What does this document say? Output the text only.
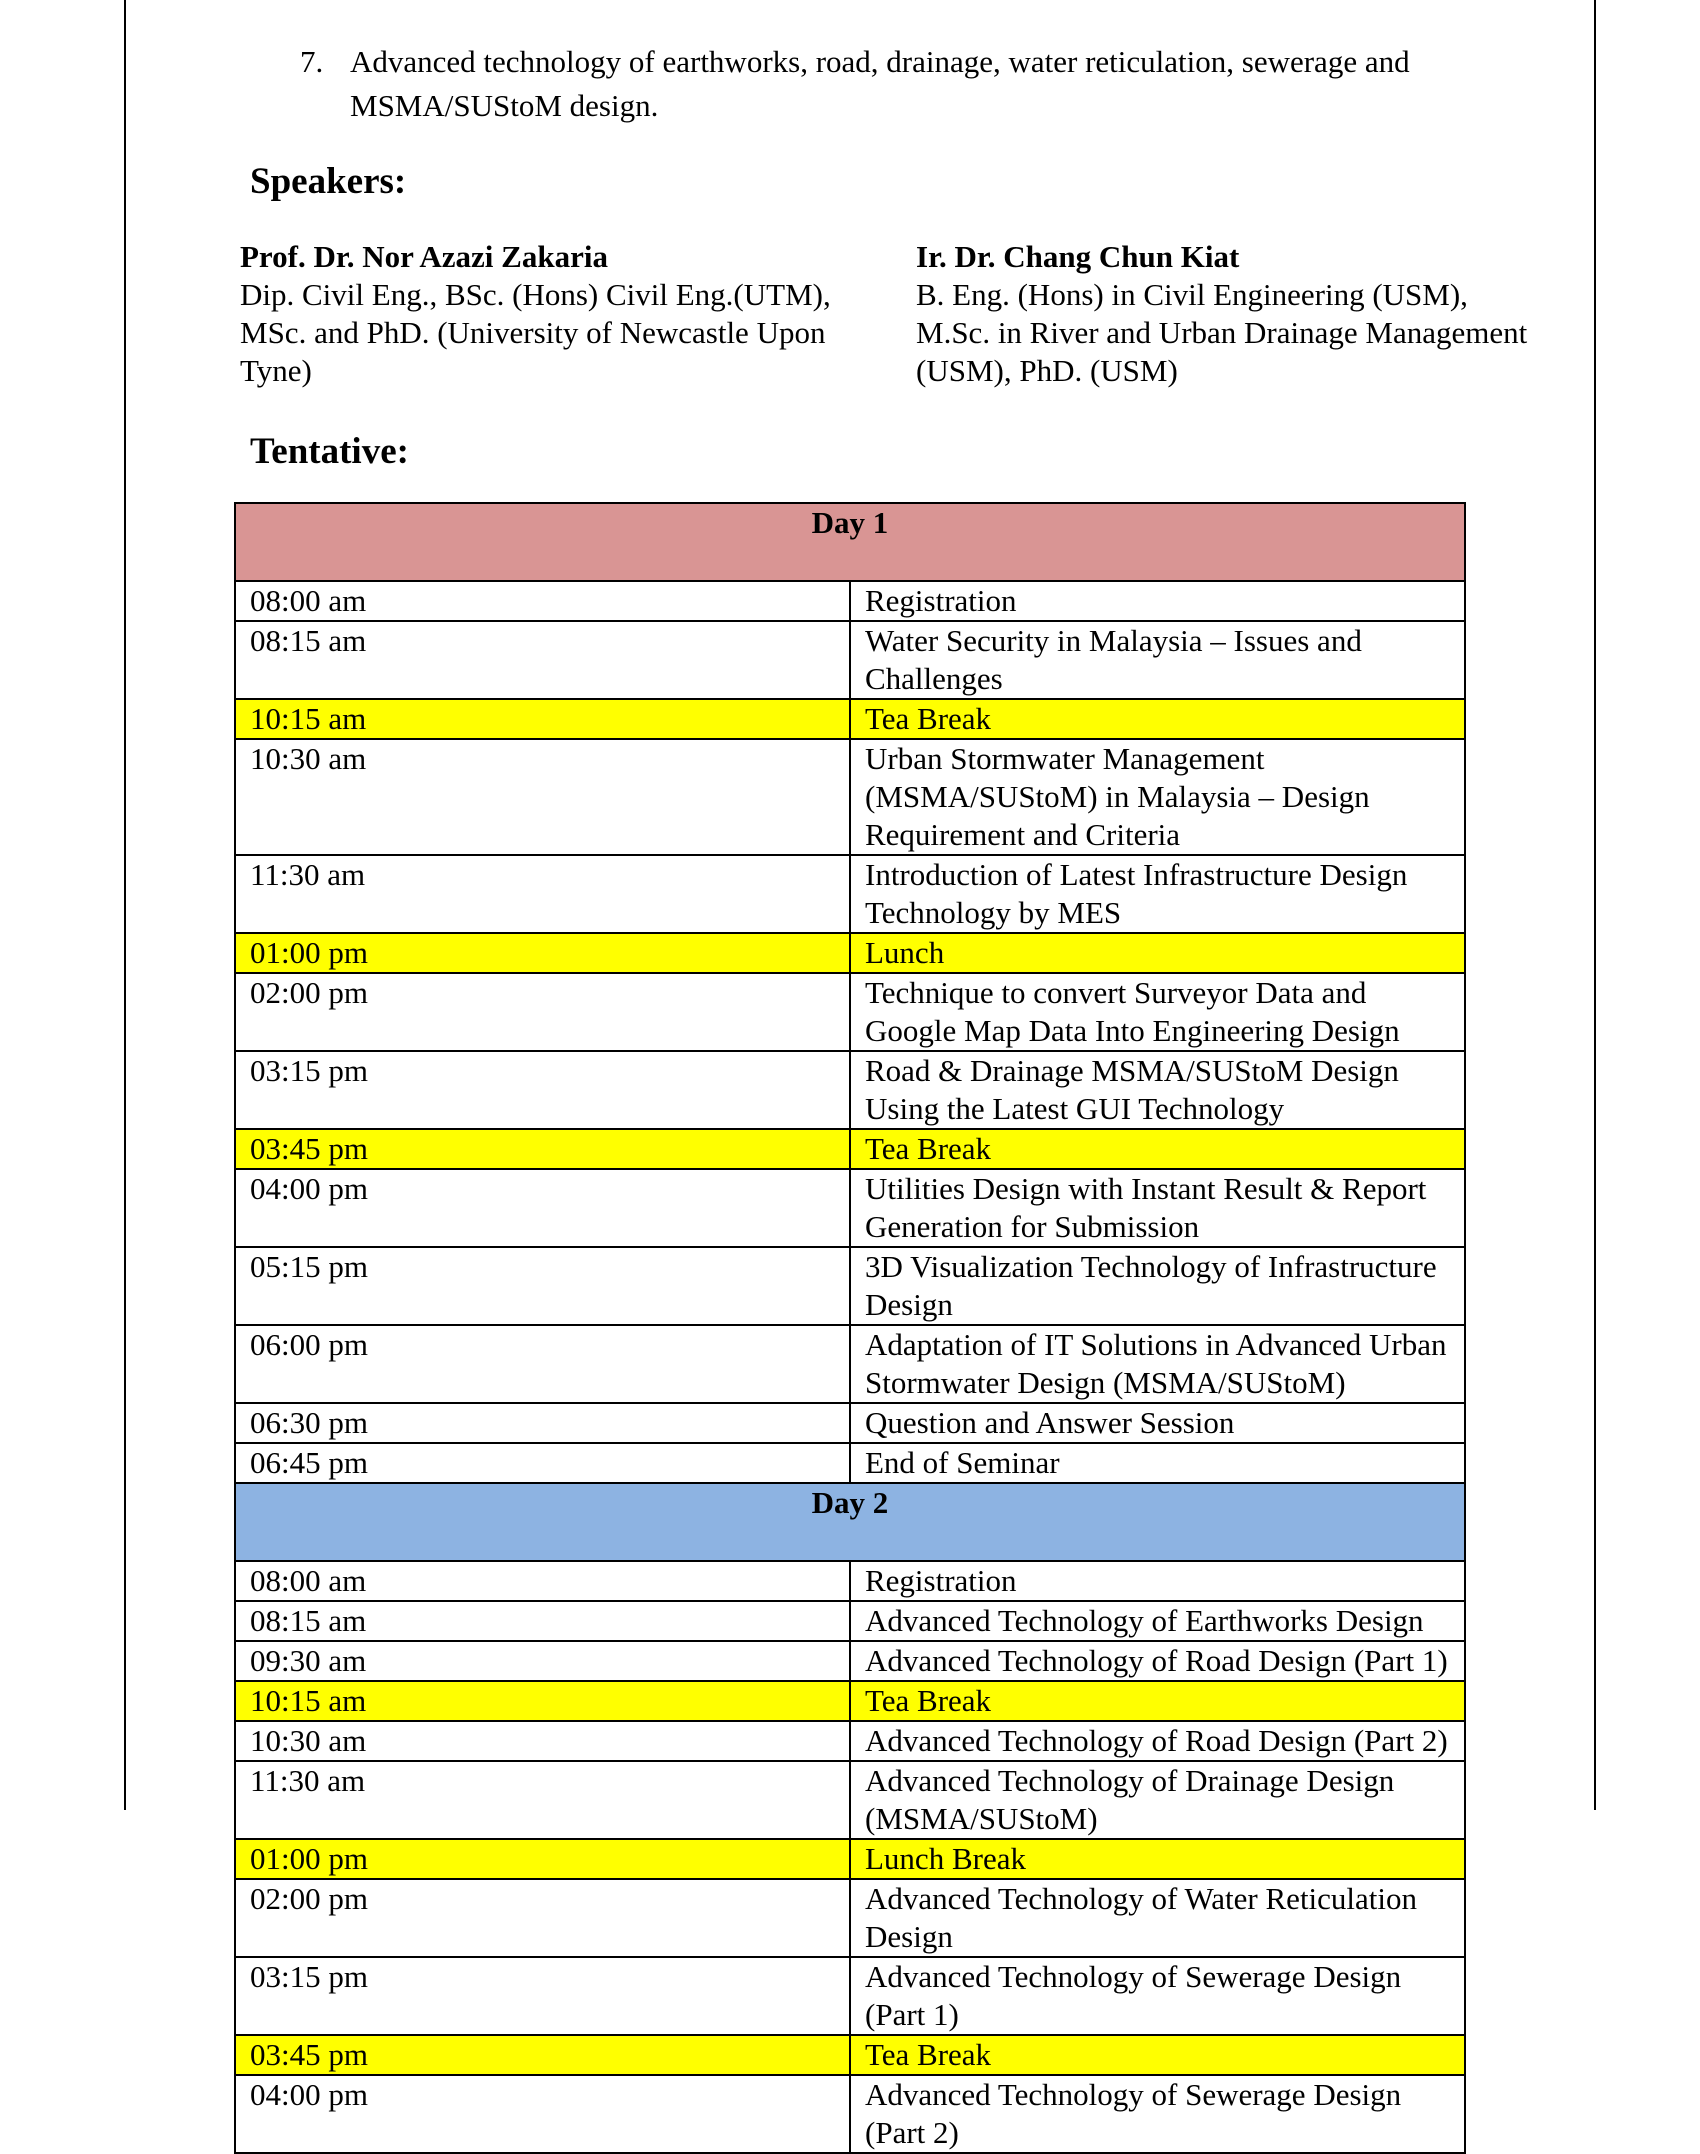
7. Advanced technology of earthworks, road, drainage, water reticulation, sewerage and MSMA/SUStoM design.
Speakers:
Prof. Dr. Nor Azazi Zakaria
Dip. Civil Eng., BSc. (Hons) Civil Eng.(UTM), MSc. and PhD. (University of Newcastle Upon Tyne)
Ir. Dr. Chang Chun Kiat
B. Eng. (Hons) in Civil Engineering (USM), M.Sc. in River and Urban Drainage Management (USM), PhD. (USM)
Tentative:
Day 1	
08:00 am	Registration
08:15 am	Water Security in Malaysia – Issues and Challenges
10:15 am	Tea Break
10:30 am	Urban Stormwater Management (MSMA/SUStoM) in Malaysia – Design Requirement and Criteria
11:30 am	Introduction of Latest Infrastructure Design Technology by MES
01:00 pm	Lunch
02:00 pm	Technique to convert Surveyor Data and Google Map Data Into Engineering Design
03:15 pm	Road & Drainage MSMA/SUStoM Design Using the Latest GUI Technology
03:45 pm	Tea Break
04:00 pm	Utilities Design with Instant Result & Report Generation for Submission
05:15 pm	3D Visualization Technology of Infrastructure Design
06:00 pm	Adaptation of IT Solutions in Advanced Urban Stormwater Design (MSMA/SUStoM)
06:30 pm	Question and Answer Session
06:45 pm	End of Seminar
Day 2	
08:00 am	Registration
08:15 am	Advanced Technology of Earthworks Design
09:30 am	Advanced Technology of Road Design (Part 1)
10:15 am	Tea Break
10:30 am	Advanced Technology of Road Design (Part 2)
11:30 am	Advanced Technology of Drainage Design (MSMA/SUStoM)
01:00 pm	Lunch Break
02:00 pm	Advanced Technology of Water Reticulation Design
03:15 pm	Advanced Technology of Sewerage Design (Part 1)
03:45 pm	Tea Break
04:00 pm	Advanced Technology of Sewerage Design (Part 2)
